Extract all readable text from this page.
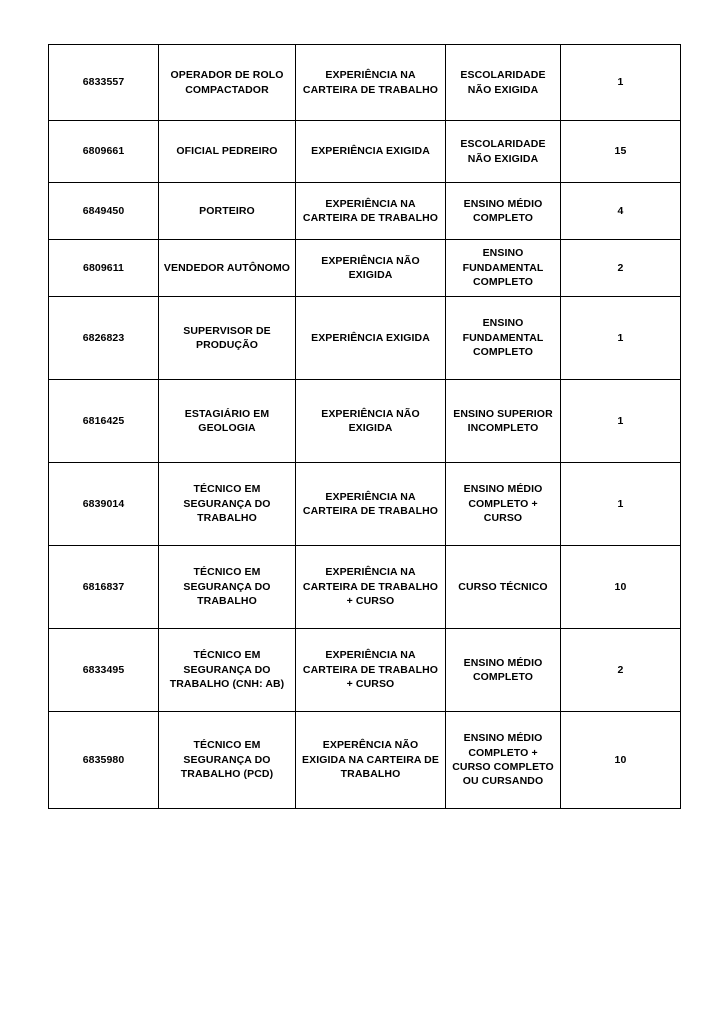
6833557	OPERADOR DE ROLO COMPACTADOR	EXPERIÊNCIA NA CARTEIRA DE TRABALHO	ESCOLARIDADE NÃO EXIGIDA	1
6809661	OFICIAL PEDREIRO	EXPERIÊNCIA EXIGIDA	ESCOLARIDADE NÃO EXIGIDA	15
6849450	PORTEIRO	EXPERIÊNCIA NA CARTEIRA DE TRABALHO	ENSINO MÉDIO COMPLETO	4
6809611	VENDEDOR AUTÔNOMO	EXPERIÊNCIA NÃO EXIGIDA	ENSINO FUNDAMENTAL COMPLETO	2
6826823	SUPERVISOR DE PRODUÇÃO	EXPERIÊNCIA EXIGIDA	ENSINO FUNDAMENTAL COMPLETO	1
6816425	ESTAGIÁRIO EM GEOLOGIA	EXPERIÊNCIA NÃO EXIGIDA	ENSINO SUPERIOR INCOMPLETO	1
6839014	TÉCNICO EM SEGURANÇA DO TRABALHO	EXPERIÊNCIA NA CARTEIRA DE TRABALHO	ENSINO MÉDIO COMPLETO + CURSO	1
6816837	TÉCNICO EM SEGURANÇA DO TRABALHO	EXPERIÊNCIA NA CARTEIRA DE TRABALHO + CURSO	CURSO TÉCNICO	10
6833495	TÉCNICO EM SEGURANÇA DO TRABALHO (CNH: AB)	EXPERIÊNCIA NA CARTEIRA DE TRABALHO + CURSO	ENSINO MÉDIO COMPLETO	2
6835980	TÉCNICO EM SEGURANÇA DO TRABALHO (PCD)	EXPERÊNCIA NÃO EXIGIDA NA CARTEIRA DE TRABALHO	ENSINO MÉDIO COMPLETO + CURSO COMPLETO OU CURSANDO	10
